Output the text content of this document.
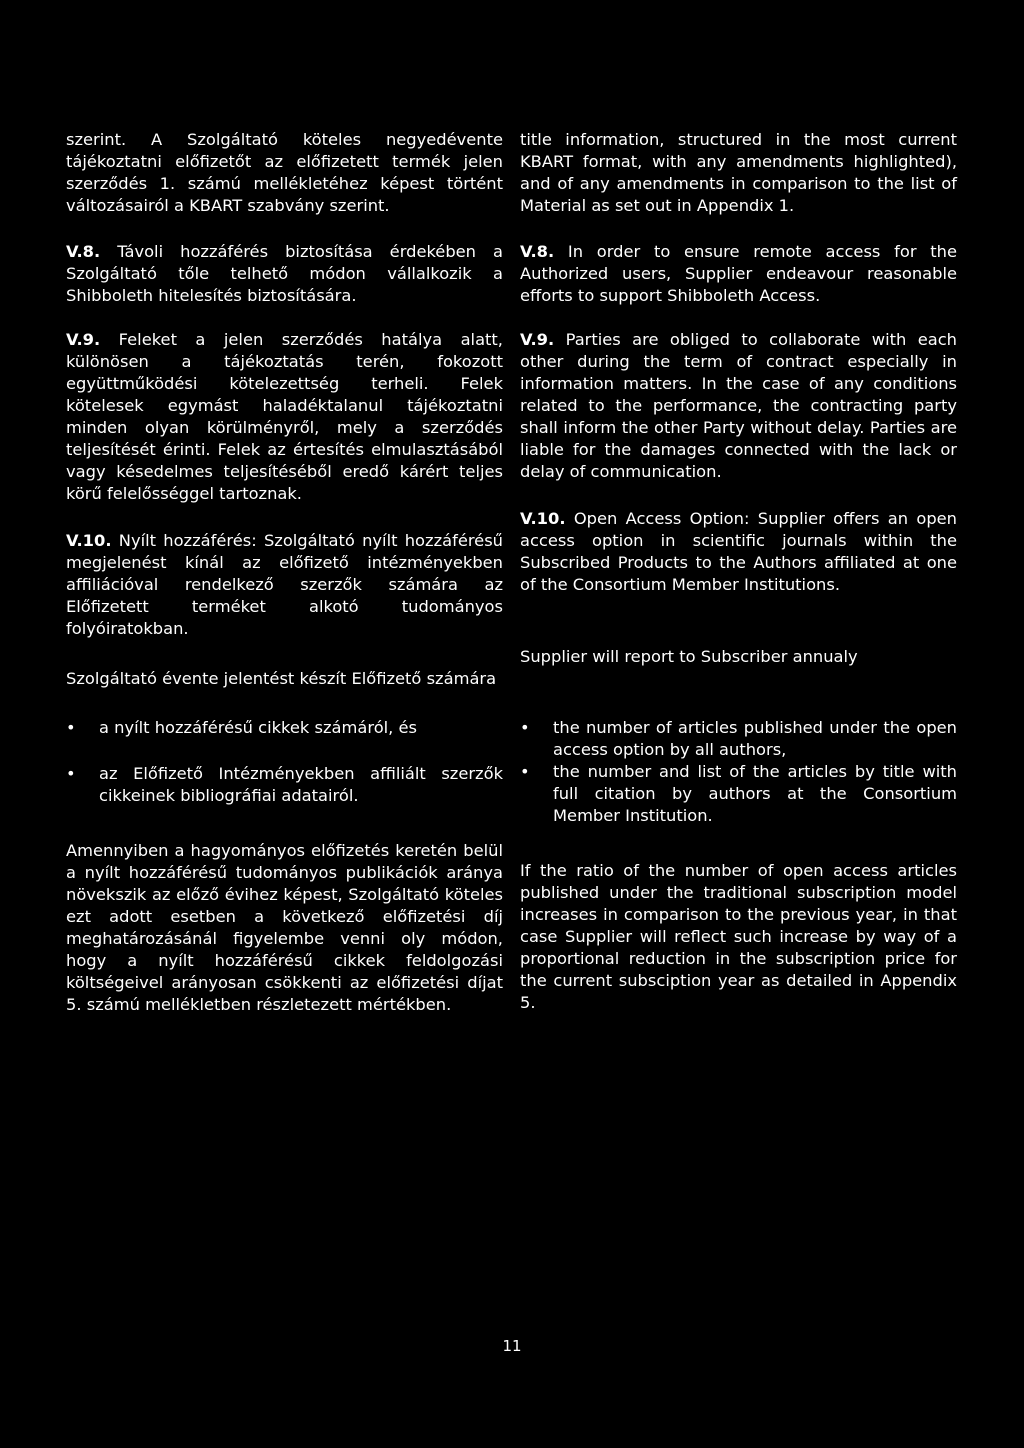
szerint. A Szolgáltató köteles negyedévente tájékoztatni előfizetőt az előfizetett termék jelen szerződés 1. számú mellékletéhez képest történt változásairól a KBART szabvány szerint.

V.8. Távoli hozzáférés biztosítása érdekében a Szolgáltató tőle telhető módon vállalkozik a Shibboleth hitelesítés biztosítására.

V.9. Feleket a jelen szerződés hatálya alatt, különösen a tájékoztatás terén, fokozott együttműködési kötelezettség terheli. Felek kötelesek egymást haladéktalanul tájékoztatni minden olyan körülményről, mely a szerződés teljesítését érinti. Felek az értesítés elmulasztásából vagy késedelmes teljesítéséből eredő kárért teljes körű felelősséggel tartoznak.

V.10. Nyílt hozzáférés: Szolgáltató nyílt hozzáférésű megjelenést kínál az előfizető intézményekben affiliációval rendelkező szerzők számára az Előfizetett terméket alkotó tudományos folyóiratokban.

Szolgáltató évente jelentést készít Előfizető számára

• a nyílt hozzáférésű cikkek számáról, és
• az Előfizető Intézményekben affiliált szerzők cikkeinek bibliográfiai adatairól.

Amennyiben a hagyományos előfizetés keretén belül a nyílt hozzáférésű tudományos publikációk aránya növekszik az előző évihez képest, Szolgáltató köteles ezt adott esetben a következő előfizetési díj meghatározásánál figyelembe venni oly módon, hogy a nyílt hozzáférésű cikkek feldolgozási költségeivel arányosan csökkenti az előfizetési díjat 5. számú mellékletben részletezett mértékben.

title information, structured in the most current KBART format, with any amendments highlighted), and of any amendments in comparison to the list of Material as set out in Appendix 1.

V.8. In order to ensure remote access for the Authorized users, Supplier endeavour reasonable efforts to support Shibboleth Access.

V.9. Parties are obliged to collaborate with each other during the term of contract especially in information matters. In the case of any conditions related to the performance, the contracting party shall inform the other Party without delay. Parties are liable for the damages connected with the lack or delay of communication.

V.10. Open Access Option: Supplier offers an open access option in scientific journals within the Subscribed Products to the Authors affiliated at one of the Consortium Member Institutions.

Supplier will report to Subscriber annualy

• the number of articles published under the open access option by all authors,
• the number and list of the articles by title with full citation by authors at the Consortium Member Institution.

If the ratio of the number of open access articles published under the traditional subscription model increases in comparison to the previous year, in that case Supplier will reflect such increase by way of a proportional reduction in the subscription price for the current subsciption year as detailed in Appendix 5.

11
